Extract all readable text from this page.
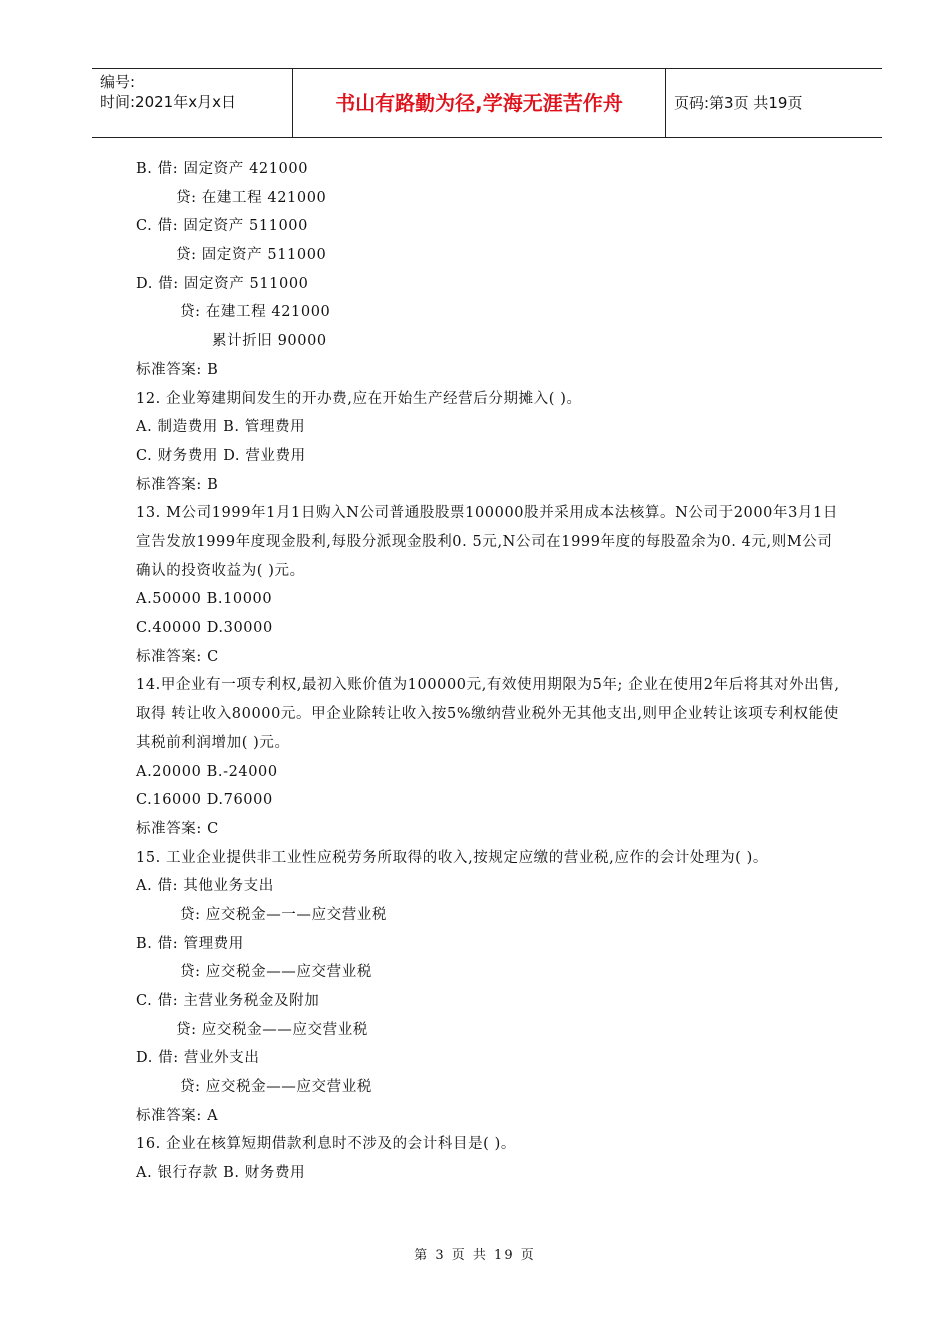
编号:
时间:2021年x月x日	书山有路勤为径,学海无涯苦作舟	页码:第3页 共19页
B. 借: 固定资产 421000
贷: 在建工程 421000
C. 借: 固定资产 511000
贷: 固定资产 511000
D. 借: 固定资产 511000
贷: 在建工程 421000
累计折旧 90000
标准答案: B
12. 企业筹建期间发生的开办费,应在开始生产经营后分期摊入( )。
A. 制造费用 B. 管理费用
C. 财务费用 D. 营业费用
标准答案: B
13. M公司1999年1月1日购入N公司普通股股票100000股并采用成本法核算。N公司于2000年3月1日宣告发放1999年度现金股利,每股分派现金股利0. 5元,N公司在1999年度的每股盈余为0. 4元,则M公司确认的投资收益为( )元。
A.50000 B.10000
C.40000 D.30000
标准答案: C
14.甲企业有一项专利权,最初入账价值为100000元,有效使用期限为5年; 企业在使用2年后将其对外出售,取得 转让收入80000元。甲企业除转让收入按5%缴纳营业税外无其他支出,则甲企业转让该项专利权能使其税前利润增加( )元。
A.20000 B.-24000
C.16000 D.76000
标准答案: C
15. 工业企业提供非工业性应税劳务所取得的收入,按规定应缴的营业税,应作的会计处理为( )。
A. 借: 其他业务支出
贷: 应交税金—一—应交营业税
B. 借: 管理费用
贷: 应交税金——应交营业税
C. 借: 主营业务税金及附加
贷: 应交税金——应交营业税
D. 借: 营业外支出
贷: 应交税金——应交营业税
标准答案: A
16. 企业在核算短期借款利息时不涉及的会计科目是( )。
A. 银行存款 B. 财务费用
第 3 页 共 19 页
